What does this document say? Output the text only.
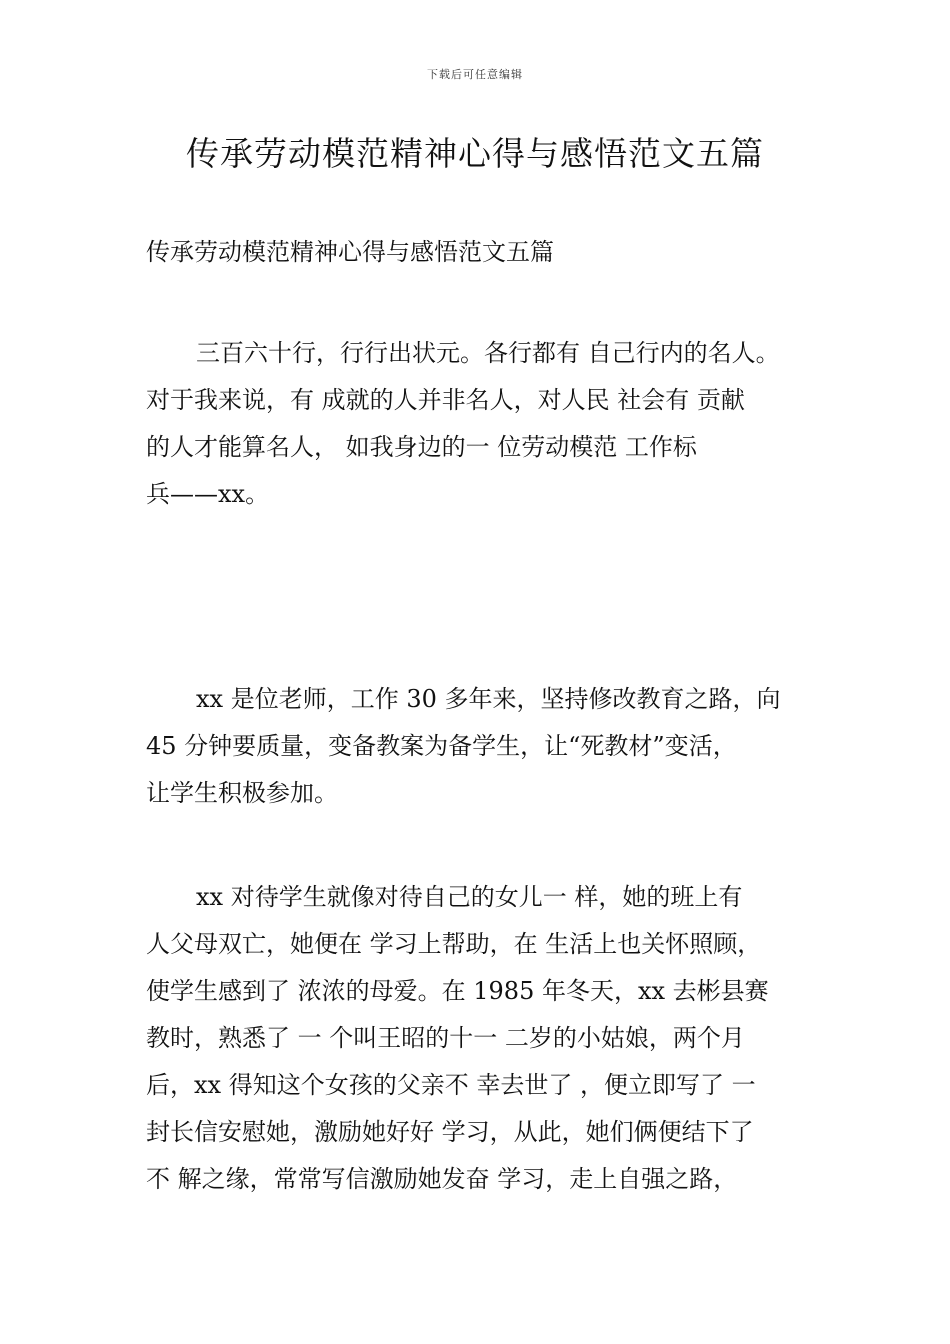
下载后可任意编辑
传承劳动模范精神心得与感悟范文五篇

传承劳动模范精神心得与感悟范文五篇

三百六十行，行行出状元。各行都有 自己行内的名人。
对于我来说，有 成就的人并非名人，对人民 社会有 贡献
的人才能算名人， 如我身边的一 位劳动模范 工作标
兵——xx。

xx 是位老师，工作 30 多年来，坚持修改教育之路，向
45 分钟要质量，变备教案为备学生，让“死教材”变活，
让学生积极参加。

xx 对待学生就像对待自己的女儿一 样，她的班上有
人父母双亡，她便在 学习上帮助，在 生活上也关怀照顾，
使学生感到了 浓浓的母爱。在 1985 年冬天，xx 去彬县赛
教时，熟悉了 一 个叫王昭的十一 二岁的小姑娘，两个月
后，xx 得知这个女孩的父亲不 幸去世了 ，便立即写了 一
封长信安慰她，激励她好好 学习，从此，她们俩便结下了
不 解之缘，常常写信激励她发奋 学习，走上自强之路，
